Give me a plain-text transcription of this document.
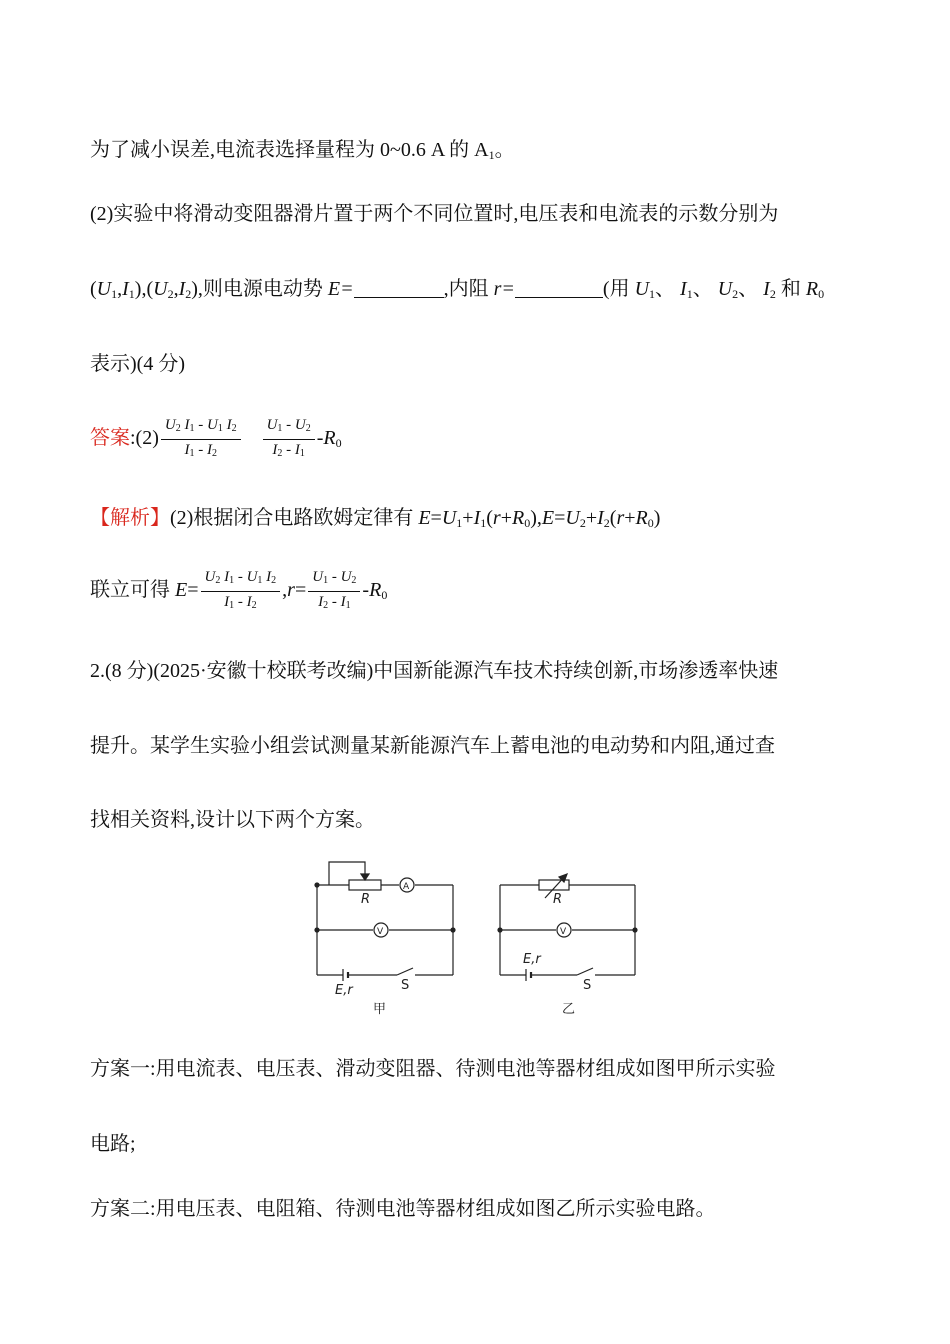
为了减小误差,电流表选择量程为 0~0.6 A 的 $A_1$。
(2)实验中将滑动变阻器滑片置于两个不同位置时,电压表和电流表的示数分别为
$(U_1,I_1),(U_2,I_2)$,则电源电动势 E=	,内阻 r=	(用 $U_1$、 $I_1$、 $U_2$、 $I_2$ 和 $R_0$
表示)(4 分)
答案:(2) $\frac{U_2 I_1 - U_1 I_2}{I_1 - I_2} \frac{U_1 - U_2}{I_2 - I_1} -R_0$
【解析】(2)根据闭合电路欧姆定律有 $E=U_1+I_1(r+R_0),E=U_2+I_2(r+R_0)$
联立可得 $E= \frac{U_2 I_1 - U_1 I_2}{I_1 - I_2} ,r= \frac{U_1 - U_2}{I_2 - I_1} -R_0$
2.(8 分)(2025·安徽十校联考改编)中国新能源汽车技术持续创新,市场渗透率快速
提升。某学生实验小组尝试测量某新能源汽车上蓄电池的电动势和内阻,通过查
找相关资料,设计以下两个方案。
R
A
V
E,r	S
甲
R
V
E,r
S
乙
方案一:用电流表、电压表、滑动变阻器、待测电池等器材组成如图甲所示实验
电路;
方案二:用电压表、电阻箱、待测电池等器材组成如图乙所示实验电路。
